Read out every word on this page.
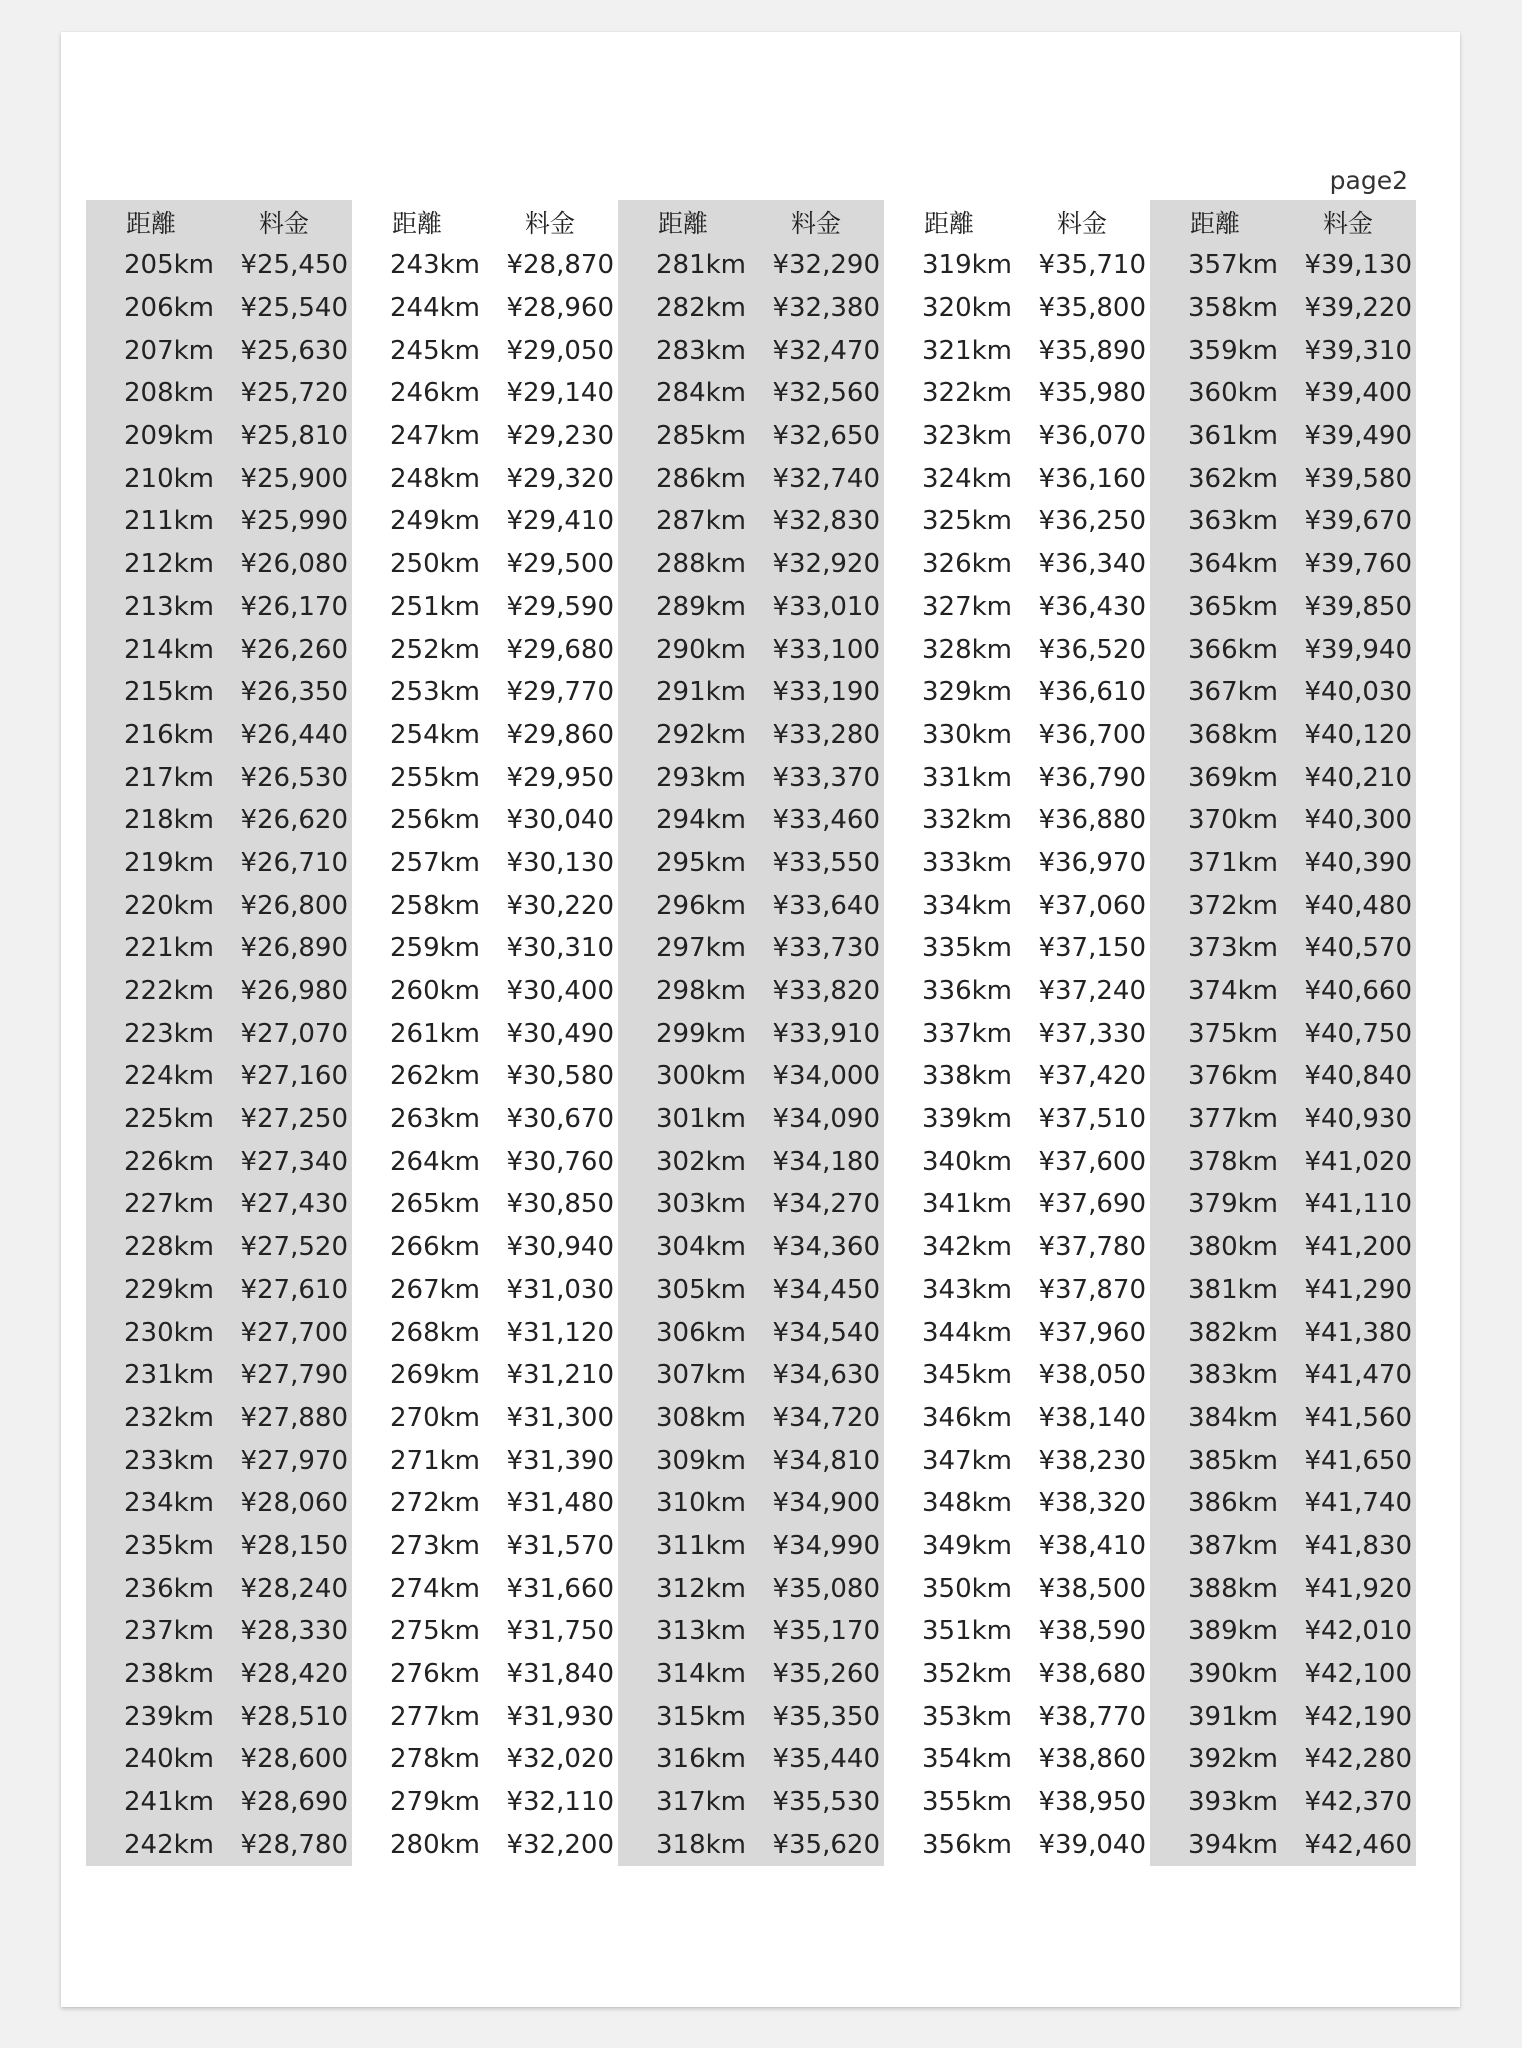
page2
距離	料金
205km	¥25,450
206km	¥25,540
207km	¥25,630
208km	¥25,720
209km	¥25,810
210km	¥25,900
211km	¥25,990
212km	¥26,080
213km	¥26,170
214km	¥26,260
215km	¥26,350
216km	¥26,440
217km	¥26,530
218km	¥26,620
219km	¥26,710
220km	¥26,800
221km	¥26,890
222km	¥26,980
223km	¥27,070
224km	¥27,160
225km	¥27,250
226km	¥27,340
227km	¥27,430
228km	¥27,520
229km	¥27,610
230km	¥27,700
231km	¥27,790
232km	¥27,880
233km	¥27,970
234km	¥28,060
235km	¥28,150
236km	¥28,240
237km	¥28,330
238km	¥28,420
239km	¥28,510
240km	¥28,600
241km	¥28,690
242km	¥28,780
距離	料金
243km	¥28,870
244km	¥28,960
245km	¥29,050
246km	¥29,140
247km	¥29,230
248km	¥29,320
249km	¥29,410
250km	¥29,500
251km	¥29,590
252km	¥29,680
253km	¥29,770
254km	¥29,860
255km	¥29,950
256km	¥30,040
257km	¥30,130
258km	¥30,220
259km	¥30,310
260km	¥30,400
261km	¥30,490
262km	¥30,580
263km	¥30,670
264km	¥30,760
265km	¥30,850
266km	¥30,940
267km	¥31,030
268km	¥31,120
269km	¥31,210
270km	¥31,300
271km	¥31,390
272km	¥31,480
273km	¥31,570
274km	¥31,660
275km	¥31,750
276km	¥31,840
277km	¥31,930
278km	¥32,020
279km	¥32,110
280km	¥32,200
距離	料金
281km	¥32,290
282km	¥32,380
283km	¥32,470
284km	¥32,560
285km	¥32,650
286km	¥32,740
287km	¥32,830
288km	¥32,920
289km	¥33,010
290km	¥33,100
291km	¥33,190
292km	¥33,280
293km	¥33,370
294km	¥33,460
295km	¥33,550
296km	¥33,640
297km	¥33,730
298km	¥33,820
299km	¥33,910
300km	¥34,000
301km	¥34,090
302km	¥34,180
303km	¥34,270
304km	¥34,360
305km	¥34,450
306km	¥34,540
307km	¥34,630
308km	¥34,720
309km	¥34,810
310km	¥34,900
311km	¥34,990
312km	¥35,080
313km	¥35,170
314km	¥35,260
315km	¥35,350
316km	¥35,440
317km	¥35,530
318km	¥35,620
距離	料金
319km	¥35,710
320km	¥35,800
321km	¥35,890
322km	¥35,980
323km	¥36,070
324km	¥36,160
325km	¥36,250
326km	¥36,340
327km	¥36,430
328km	¥36,520
329km	¥36,610
330km	¥36,700
331km	¥36,790
332km	¥36,880
333km	¥36,970
334km	¥37,060
335km	¥37,150
336km	¥37,240
337km	¥37,330
338km	¥37,420
339km	¥37,510
340km	¥37,600
341km	¥37,690
342km	¥37,780
343km	¥37,870
344km	¥37,960
345km	¥38,050
346km	¥38,140
347km	¥38,230
348km	¥38,320
349km	¥38,410
350km	¥38,500
351km	¥38,590
352km	¥38,680
353km	¥38,770
354km	¥38,860
355km	¥38,950
356km	¥39,040
距離	料金
357km	¥39,130
358km	¥39,220
359km	¥39,310
360km	¥39,400
361km	¥39,490
362km	¥39,580
363km	¥39,670
364km	¥39,760
365km	¥39,850
366km	¥39,940
367km	¥40,030
368km	¥40,120
369km	¥40,210
370km	¥40,300
371km	¥40,390
372km	¥40,480
373km	¥40,570
374km	¥40,660
375km	¥40,750
376km	¥40,840
377km	¥40,930
378km	¥41,020
379km	¥41,110
380km	¥41,200
381km	¥41,290
382km	¥41,380
383km	¥41,470
384km	¥41,560
385km	¥41,650
386km	¥41,740
387km	¥41,830
388km	¥41,920
389km	¥42,010
390km	¥42,100
391km	¥42,190
392km	¥42,280
393km	¥42,370
394km	¥42,460
